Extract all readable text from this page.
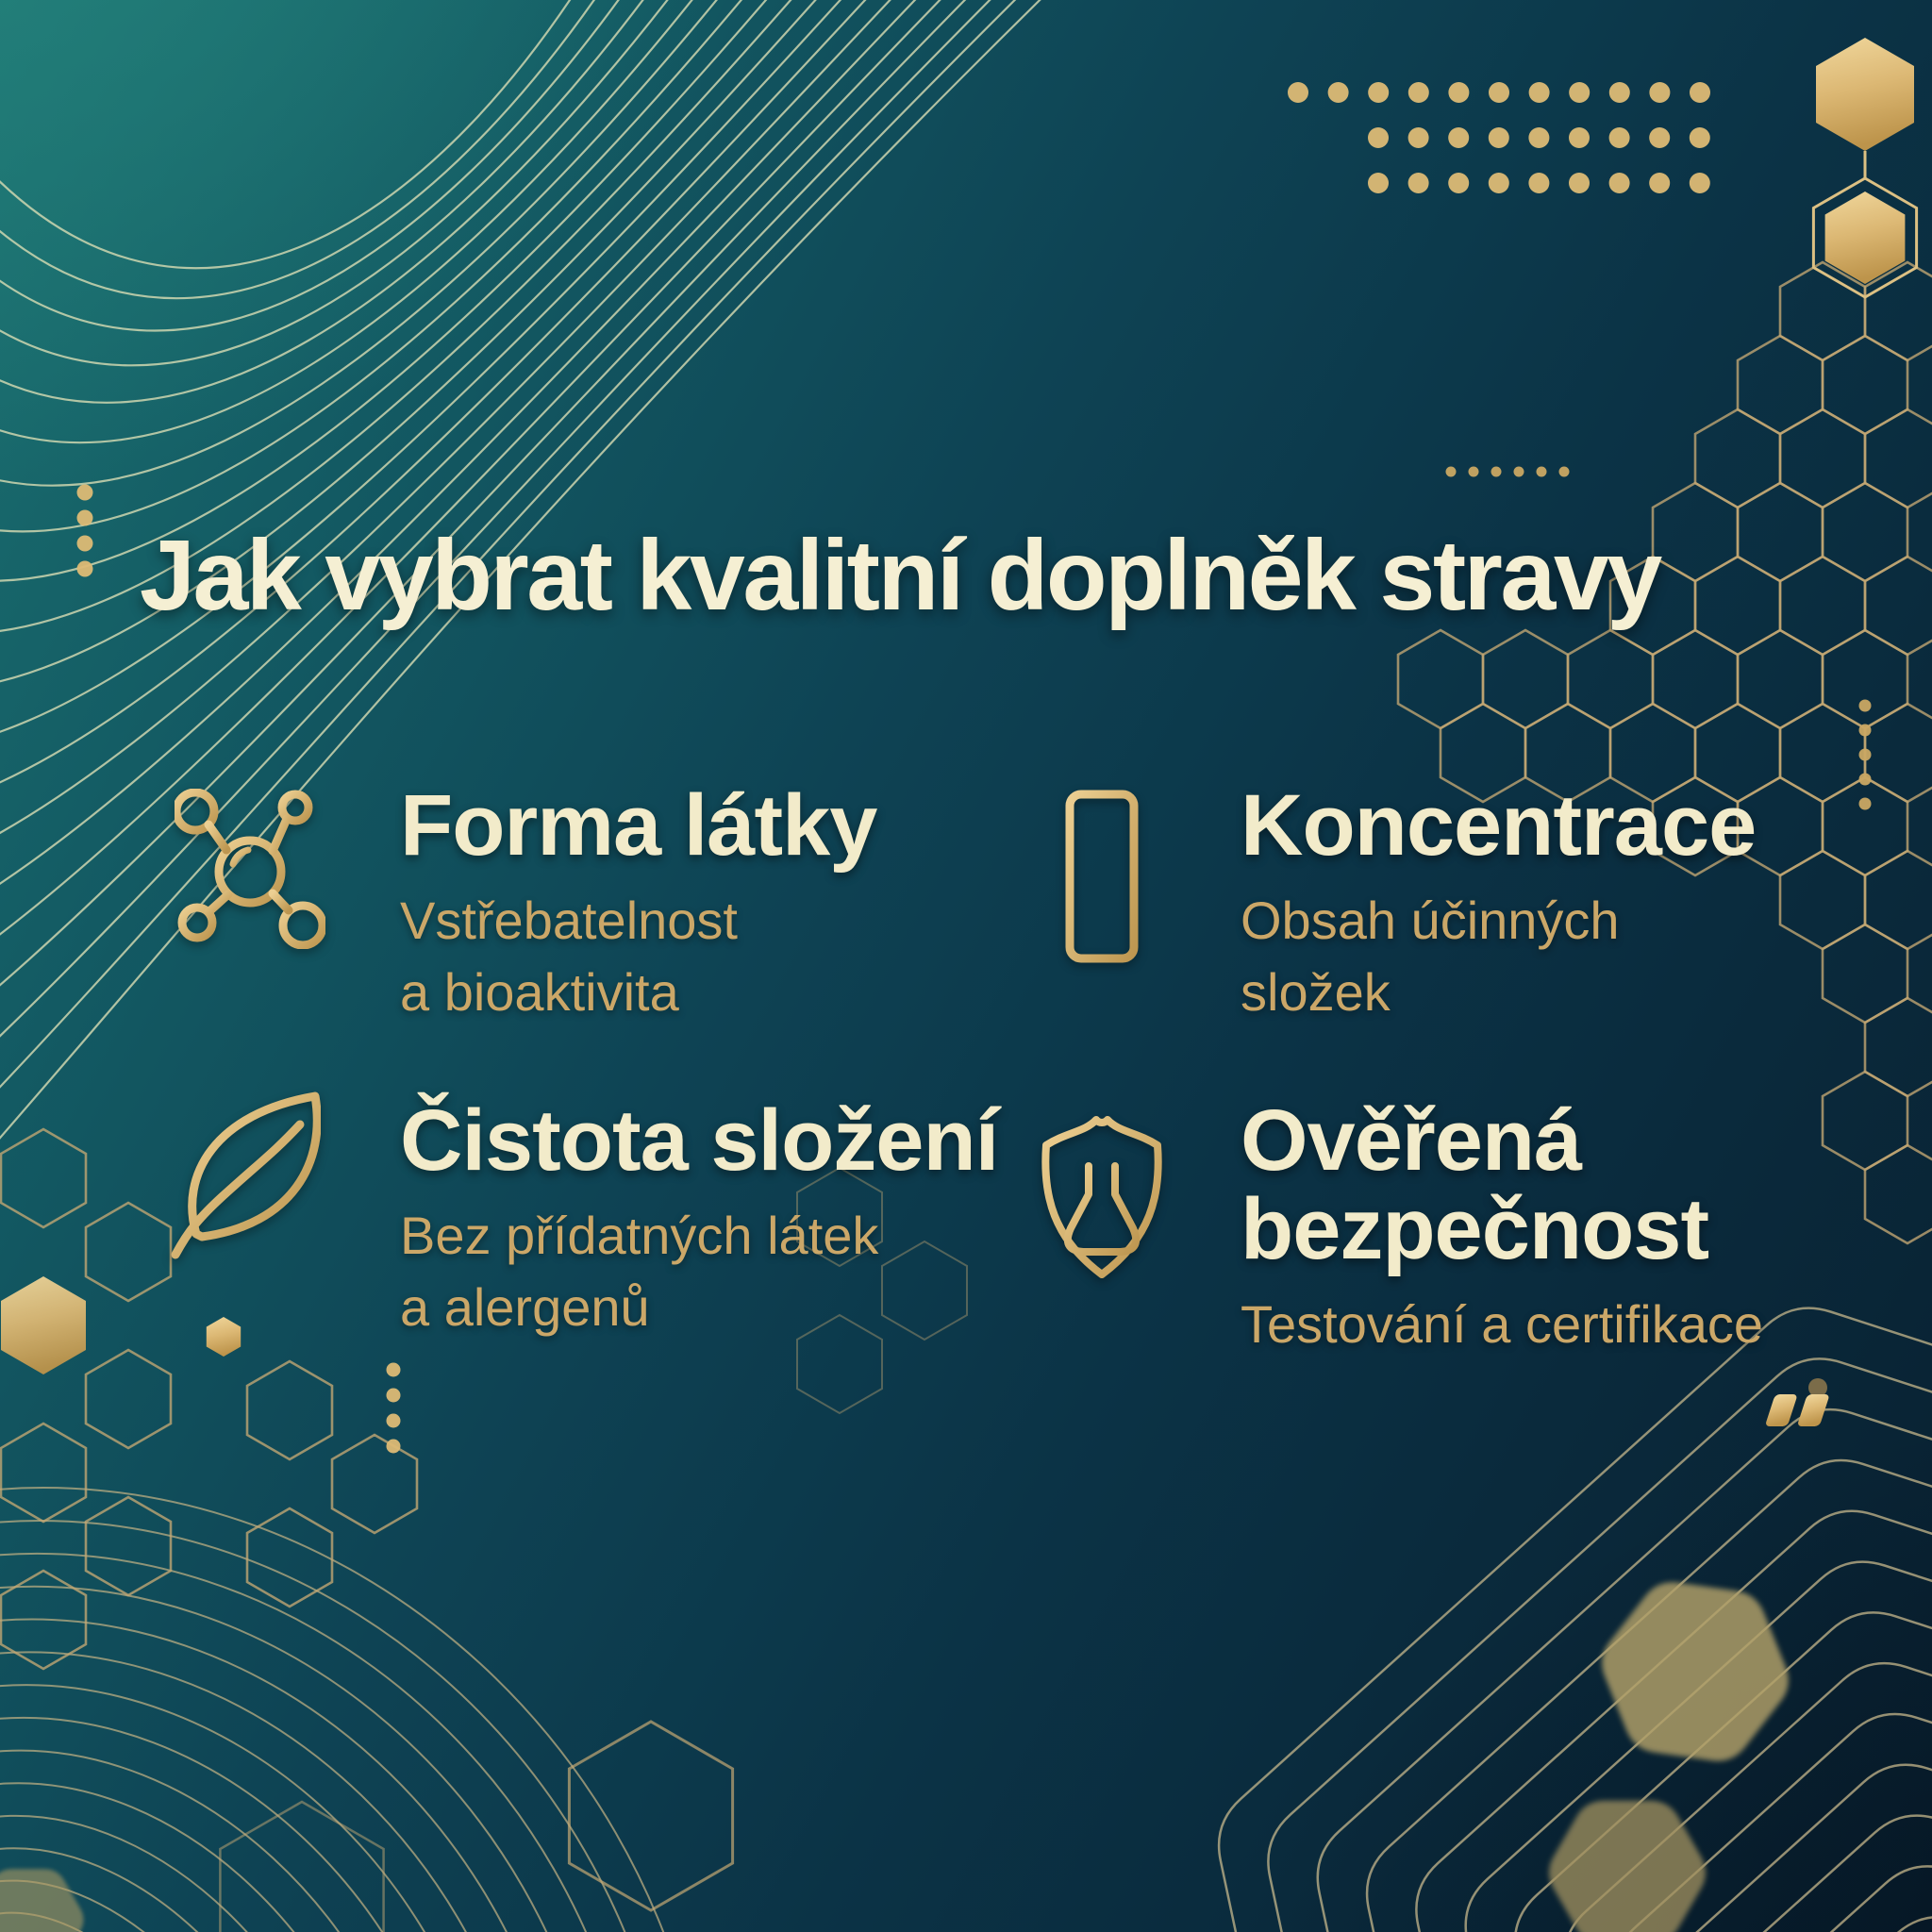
Jak vybrat kvalitní doplněk stravy
Forma látky
Vstřebatelnost
a bioaktivita
Koncentrace
Obsah účinných
složek
Čistota složení
Bez přídatných látek
a alergenů
Ověřená
bezpečnost
Testování a certifikace
